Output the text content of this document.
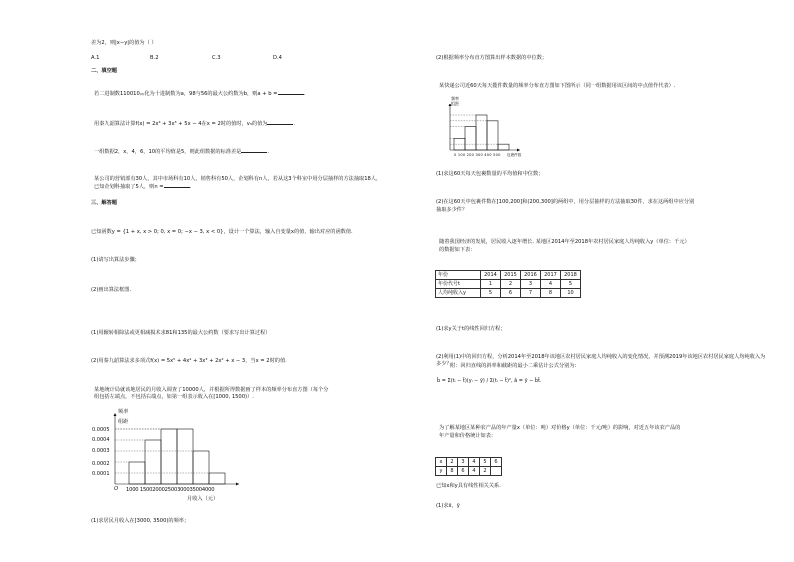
差为2，则|x−y|的值为（ ）
A.1	B.2	C.3	D.4
二、填空题
若二进制数110010₍₂₎化为十进制数为a，98与56的最大公约数为b，则a + b =	.
用秦九韶算法计算f(x) = 2x⁴ + 3x³ + 5x − 4在x = 2时的值时，v₃的值为	.
一组数据2，x，4，6，10的平均值是5，则此组数据的标准差是	.
某公司的营销部有30人，其中市场科有10人，销售科有50人，企划科有n人，若从这3个科室中用分层抽样的方法抽取18人，已知企划科抽取了5人，则n =	.
三、解答题
已知函数y = {1 + x, x > 0; 0, x = 0; −x − 3, x < 0}，设计一个算法，输入自变量x的值，输出对应的函数值.
(1)请写出算法步骤；
(2)画出算法框图.
(1)用辗转相除法或更相减损术求81和135的最大公约数（要求写出计算过程）
(2)用秦九韶算法求多项式f(x) = 5x⁵ + 4x⁴ + 3x³ + 2x² + x − 3，当x = 2时的值.
某地统计局就该地居民的月收入调查了10000人，并根据所得数据画了样本的频率分布直方图（每个分
组包括左端点，不包括右端点，如第一组表示收入在[1000, 1500)）.
频率
组距
0.0005
0.0004
0.0003
0.0002
0.0001
O 1000 150020002500300035004000
月收入（元）
(1)求居民月收入在[3000, 3500)的频率；
(2)根据频率分布直方图算出样本数据的中位数；
某快递公司近60天每天揽件数量的频率分布直方图如下图所示（同一组数据用该区间的中点值作代表）.
频率
组距
0 100 200 300 400 500 包裹件数
(1)求这60天每天包裹数量的平均值和中位数；
(2)在这60天中包裹件数在[100,200]和(200,300]的两组中，用分层抽样的方法抽取30件，求在这两组中应分别
抽取多少件？
随着我国经济的发展，居民收入逐年增长. 某地区2014年至2018年农村居民家庭人均纯收入y（单位：千元）
的数据如下表：
年份	2014	2015	2016	2017	2018
年份代号t	1	2	3	4	5
人均纯收入y	5	6	7	8	10
(1)求y关于t的线性回归方程；
(2)利用(1)中的回归方程，分析2014年至2018年该地区农村居民家庭人均纯收入的变化情况，并预测2019年该地区农村居民家庭人均纯收入为多少？
附：回归直线的斜率和截距的最小二乘估计公式分别为：
b̂ = Σ(tᵢ − t̄)(yᵢ − ȳ) / Σ(tᵢ − t̄)², â = ȳ − b̂t̄.
为了解某地区某种农产品的年产量x（单位：吨）对价格y（单位：千元/吨）的影响，对近五年该农产品的
年产量和价格统计如表：
x	2	3	4	5	6
y	8	6	4	2	
已知x和y具有线性相关关系.
(1)求x̄，ȳ
